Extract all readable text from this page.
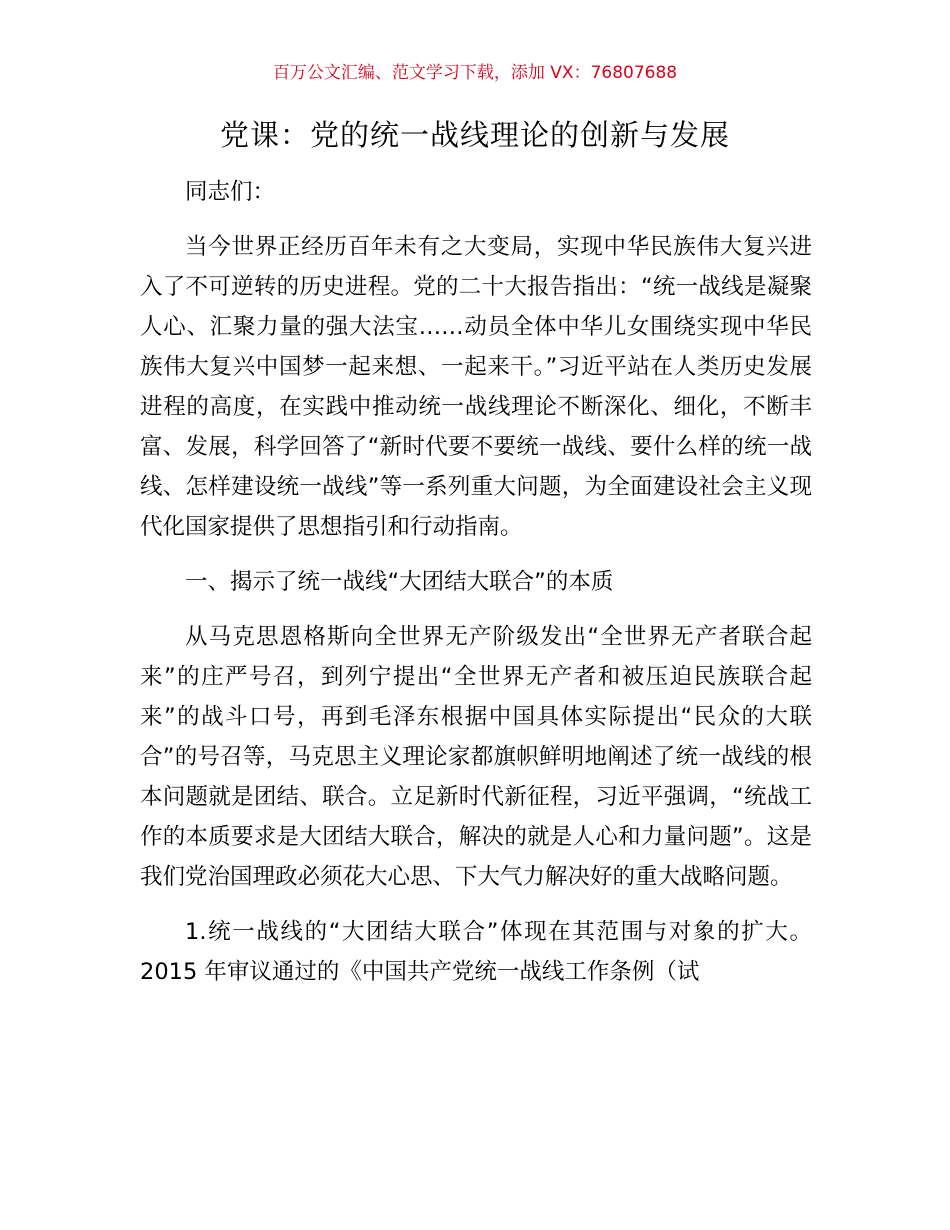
百万公文汇编、范文学习下载，添加 VX：76807688
党课：党的统一战线理论的创新与发展

同志们：

当今世界正经历百年未有之大变局，实现中华民族伟大复兴进入了不可逆转的历史进程。党的二十大报告指出：“统一战线是凝聚人心、汇聚力量的强大法宝……动员全体中华儿女围绕实现中华民族伟大复兴中国梦一起来想、一起来干。”习近平站在人类历史发展进程的高度，在实践中推动统一战线理论不断深化、细化，不断丰富、发展，科学回答了“新时代要不要统一战线、要什么样的统一战线、怎样建设统一战线”等一系列重大问题，为全面建设社会主义现代化国家提供了思想指引和行动指南。

一、揭示了统一战线“大团结大联合”的本质

从马克思恩格斯向全世界无产阶级发出“全世界无产者联合起来”的庄严号召，到列宁提出“全世界无产者和被压迫民族联合起来”的战斗口号，再到毛泽东根据中国具体实际提出“民众的大联合”的号召等，马克思主义理论家都旗帜鲜明地阐述了统一战线的根本问题就是团结、联合。立足新时代新征程，习近平强调，“统战工作的本质要求是大团结大联合，解决的就是人心和力量问题”。这是我们党治国理政必须花大心思、下大气力解决好的重大战略问题。

1.统一战线的“大团结大联合”体现在其范围与对象的扩大。2015 年审议通过的《中国共产党统一战线工作条例（试
